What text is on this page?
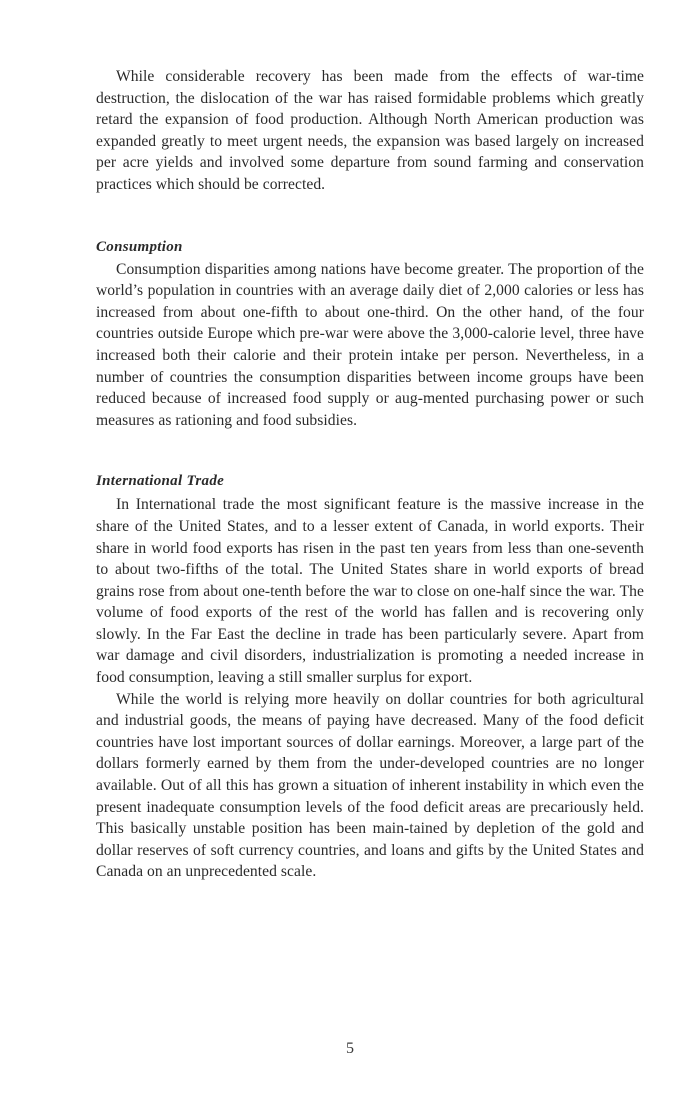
While considerable recovery has been made from the effects of war-time destruction, the dislocation of the war has raised formidable problems which greatly retard the expansion of food production. Although North American production was expanded greatly to meet urgent needs, the expansion was based largely on increased per acre yields and involved some departure from sound farming and conservation practices which should be corrected.

Consumption

Consumption disparities among nations have become greater. The proportion of the world’s population in countries with an average daily diet of 2,000 calories or less has increased from about one-fifth to about one-third. On the other hand, of the four countries outside Europe which pre-war were above the 3,000-calorie level, three have increased both their calorie and their protein intake per person. Nevertheless, in a number of countries the consumption disparities between income groups have been reduced because of increased food supply or aug-mented purchasing power or such measures as rationing and food subsidies.

International Trade

In International trade the most significant feature is the massive increase in the share of the United States, and to a lesser extent of Canada, in world exports. Their share in world food exports has risen in the past ten years from less than one-seventh to about two-fifths of the total. The United States share in world exports of bread grains rose from about one-tenth before the war to close on one-half since the war. The volume of food exports of the rest of the world has fallen and is recovering only slowly. In the Far East the decline in trade has been particularly severe. Apart from war damage and civil disorders, industrialization is promoting a needed increase in food consumption, leaving a still smaller surplus for export.

While the world is relying more heavily on dollar countries for both agricultural and industrial goods, the means of paying have decreased. Many of the food deficit countries have lost important sources of dollar earnings. Moreover, a large part of the dollars formerly earned by them from the under-developed countries are no longer available. Out of all this has grown a situation of inherent instability in which even the present inadequate consumption levels of the food deficit areas are precariously held. This basically unstable position has been main-tained by depletion of the gold and dollar reserves of soft currency countries, and loans and gifts by the United States and Canada on an unprecedented scale.

5
